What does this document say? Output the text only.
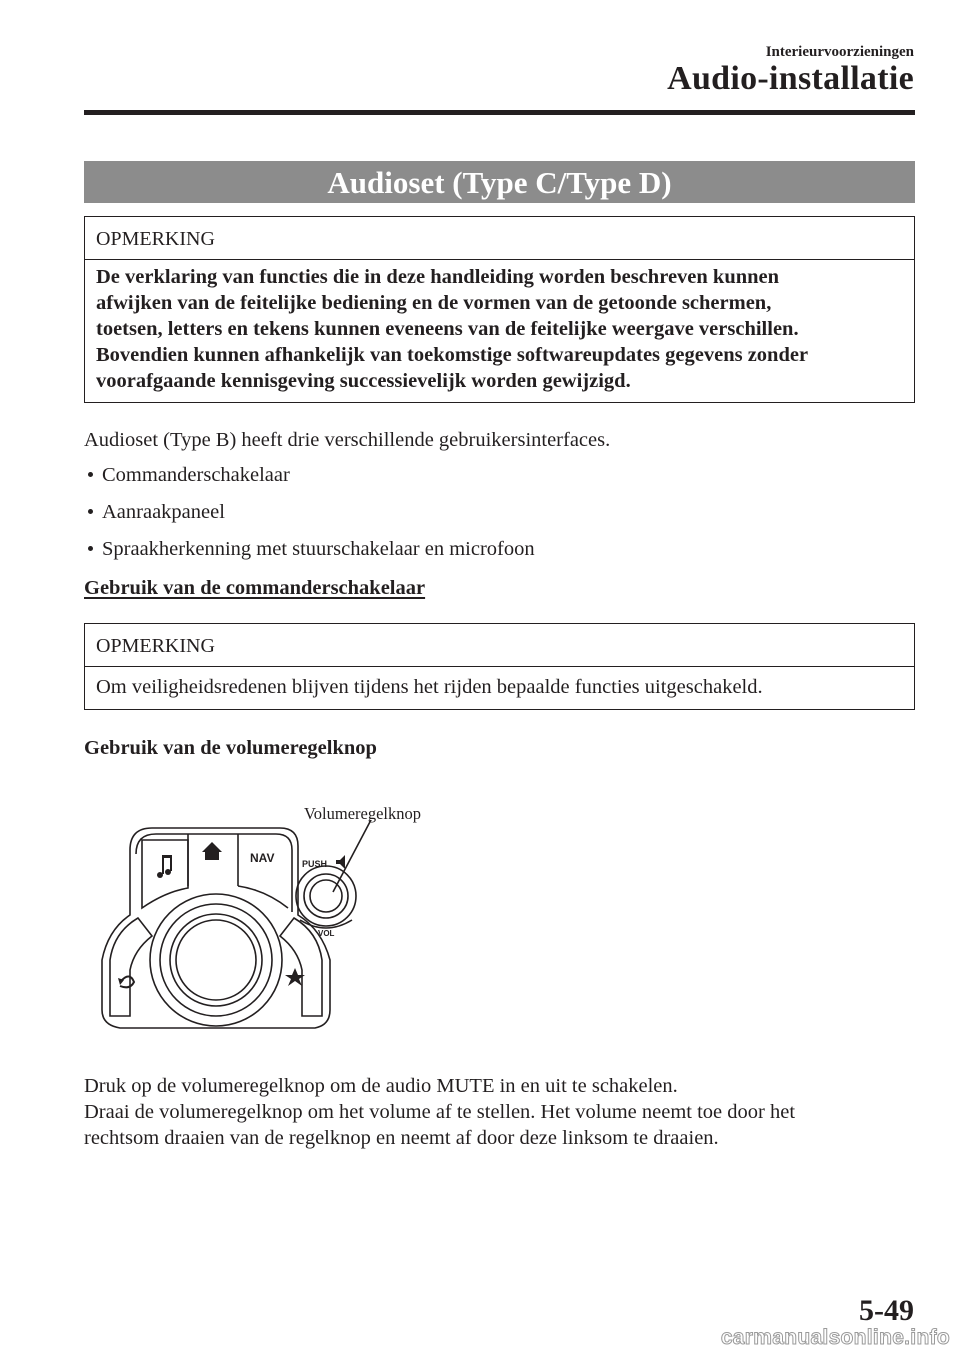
Interieurvoorzieningen
Audio-installatie
Audioset (Type C/Type D)
OPMERKING
De verklaring van functies die in deze handleiding worden beschreven kunnen
afwijken van de feitelijke bediening en de vormen van de getoonde schermen,
toetsen, letters en tekens kunnen eveneens van de feitelijke weergave verschillen.
Bovendien kunnen afhankelijk van toekomstige softwareupdates gegevens zonder
voorafgaande kennisgeving successievelijk worden gewijzigd.
Audioset (Type B) heeft drie verschillende gebruikersinterfaces.
Commanderschakelaar
Aanraakpaneel
Spraakherkenning met stuurschakelaar en microfoon
Gebruik van de commanderschakelaar
OPMERKING
Om veiligheidsredenen blijven tijdens het rijden bepaalde functies uitgeschakeld.
Gebruik van de volumeregelknop
Volumeregelknop
NAV	PUSH
VOL
Druk op de volumeregelknop om de audio MUTE in en uit te schakelen.
Draai de volumeregelknop om het volume af te stellen. Het volume neemt toe door het
rechtsom draaien van de regelknop en neemt af door deze linksom te draaien.
5-49
carmanualsonline.info
